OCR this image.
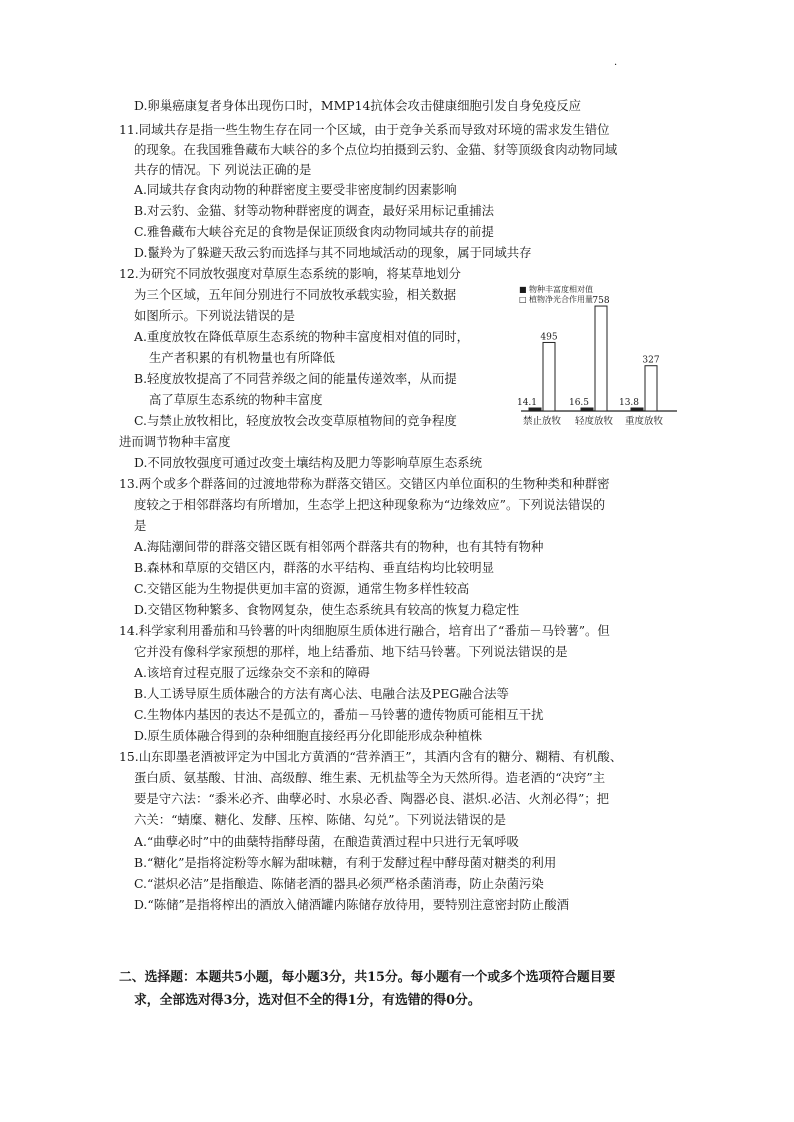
·
D.卵巢癌康复者身体出现伤口时，MMP14抗体会攻击健康细胞引发自身免疫反应
11.同域共存是指一些生物生存在同一个区域，由于竞争关系而导致对环境的需求发生错位
的现象。在我国雅鲁藏布大峡谷的多个点位均拍摄到云豹、金猫、豺等顶级食肉动物同域
共存的情况。下 列说法正确的是
A.同域共存食肉动物的种群密度主要受非密度制约因素影响
B.对云豹、金猫、豺等动物种群密度的调查，最好采用标记重捕法
C.雅鲁藏布大峡谷充足的食物是保证顶级食肉动物同域共存的前提
D.鬣羚为了躲避天敌云豹而选择与其不同地域活动的现象，属于同域共存
12.为研究不同放牧强度对草原生态系统的影响，将某草地划分
为三个区域，五年间分别进行不同放牧承载实验，相关数据
如图所示。下列说法错误的是
A.重度放牧在降低草原生态系统的物种丰富度相对值的同时，
生产者积累的有机物量也有所降低
B.轻度放牧提高了不同营养级之间的能量传递效率，从而提
高了草原生态系统的物种丰富度
C.与禁止放牧相比，轻度放牧会改变草原植物间的竞争程度
进而调节物种丰富度
D.不同放牧强度可通过改变土壤结构及肥力等影响草原生态系统
■ 物种丰富度相对值
□ 植物净光合作用量
14.1
495
16.5
758
13.8
327
禁止放牧 轻度放牧 重度放牧
13.两个或多个群落间的过渡地带称为群落交错区。交错区内单位面积的生物种类和种群密
度较之于相邻群落均有所增加，生态学上把这种现象称为“边缘效应”。下列说法错误的
是
A.海陆潮间带的群落交错区既有相邻两个群落共有的物种，也有其特有物种
B.森林和草原的交错区内，群落的水平结构、垂直结构均比较明显
C.交错区能为生物提供更加丰富的资源，通常生物多样性较高
D.交错区物种繁多、食物网复杂，使生态系统具有较高的恢复力稳定性
14.科学家利用番茄和马铃薯的叶肉细胞原生质体进行融合，培育出了“番茄－马铃薯”。但
它并没有像科学家预想的那样，地上结番茄、地下结马铃薯。下列说法错误的是
A.该培育过程克服了远缘杂交不亲和的障碍
B.人工诱导原生质体融合的方法有离心法、电融合法及PEG融合法等
C.生物体内基因的表达不是孤立的，番茄－马铃薯的遗传物质可能相互干扰
D.原生质体融合得到的杂种细胞直接经再分化即能形成杂种植株
15.山东即墨老酒被评定为中国北方黄酒的“营养酒王”，其酒内含有的糖分、糊精、有机酸、
蛋白质、氨基酸、甘油、高级醇、维生素、无机盐等全为天然所得。造老酒的“决窍”主
要是守六法：“黍米必齐、曲孽必时、水泉必香、陶器必良、湛炽.必洁、火剂必得”；把
六关：“蜻糜、糖化、发酵、压榨、陈储、勾兑”。下列说法错误的是
A.“曲孽必时”中的曲蘖特指酵母菌，在酿造黄酒过程中只进行无氧呼吸
B.“糖化”是指将淀粉等水解为甜味糖，有利于发酵过程中酵母菌对糖类的利用
C.“湛炽必洁”是指酿造、陈储老酒的器具必须严格杀菌消毒，防止杂菌污染
D.“陈储”是指将榨出的酒放入储酒罐内陈储存放待用，要特别注意密封防止酸酒
二、选择题：本题共5小题，每小题3分，共15分。每小题有一个或多个选项符合题目要
求，全部选对得3分，选对但不全的得1分，有选错的得0分。
